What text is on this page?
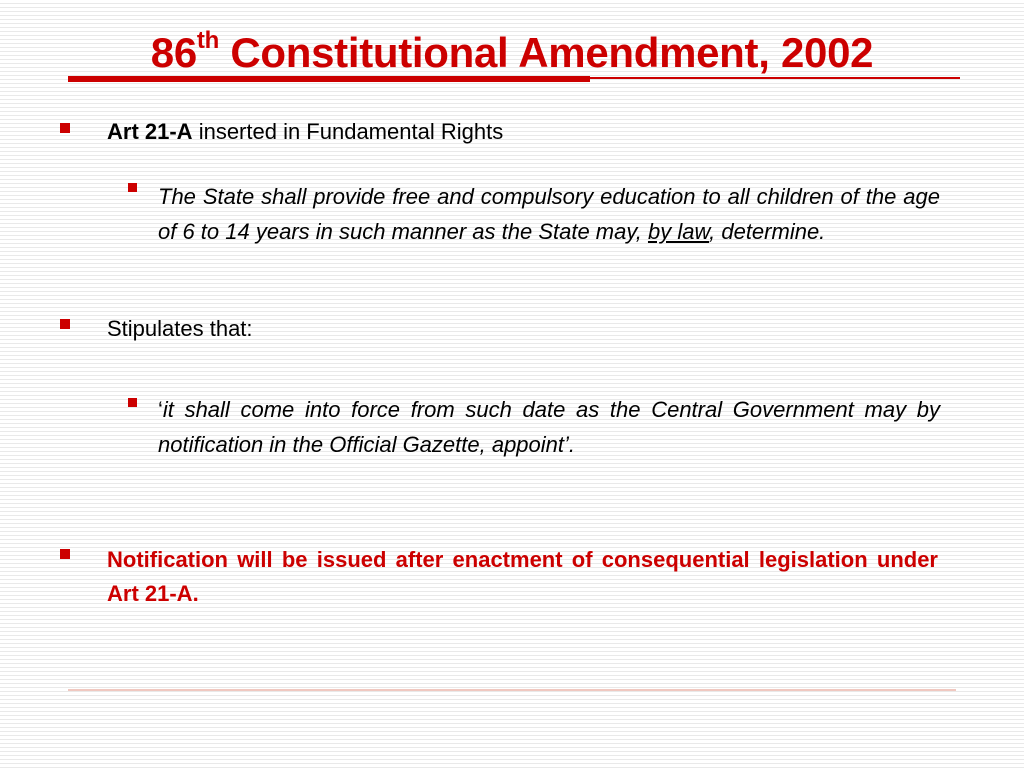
86th Constitutional Amendment, 2002
Art 21-A inserted in Fundamental Rights
The State shall provide free and compulsory education to all children of the age of 6 to 14 years in such manner as the State may, by law, determine.
Stipulates that:
‘it shall come into force from such date as the Central Government may by notification in the Official Gazette, appoint’.
Notification will be issued after enactment of consequential legislation under Art 21-A.
